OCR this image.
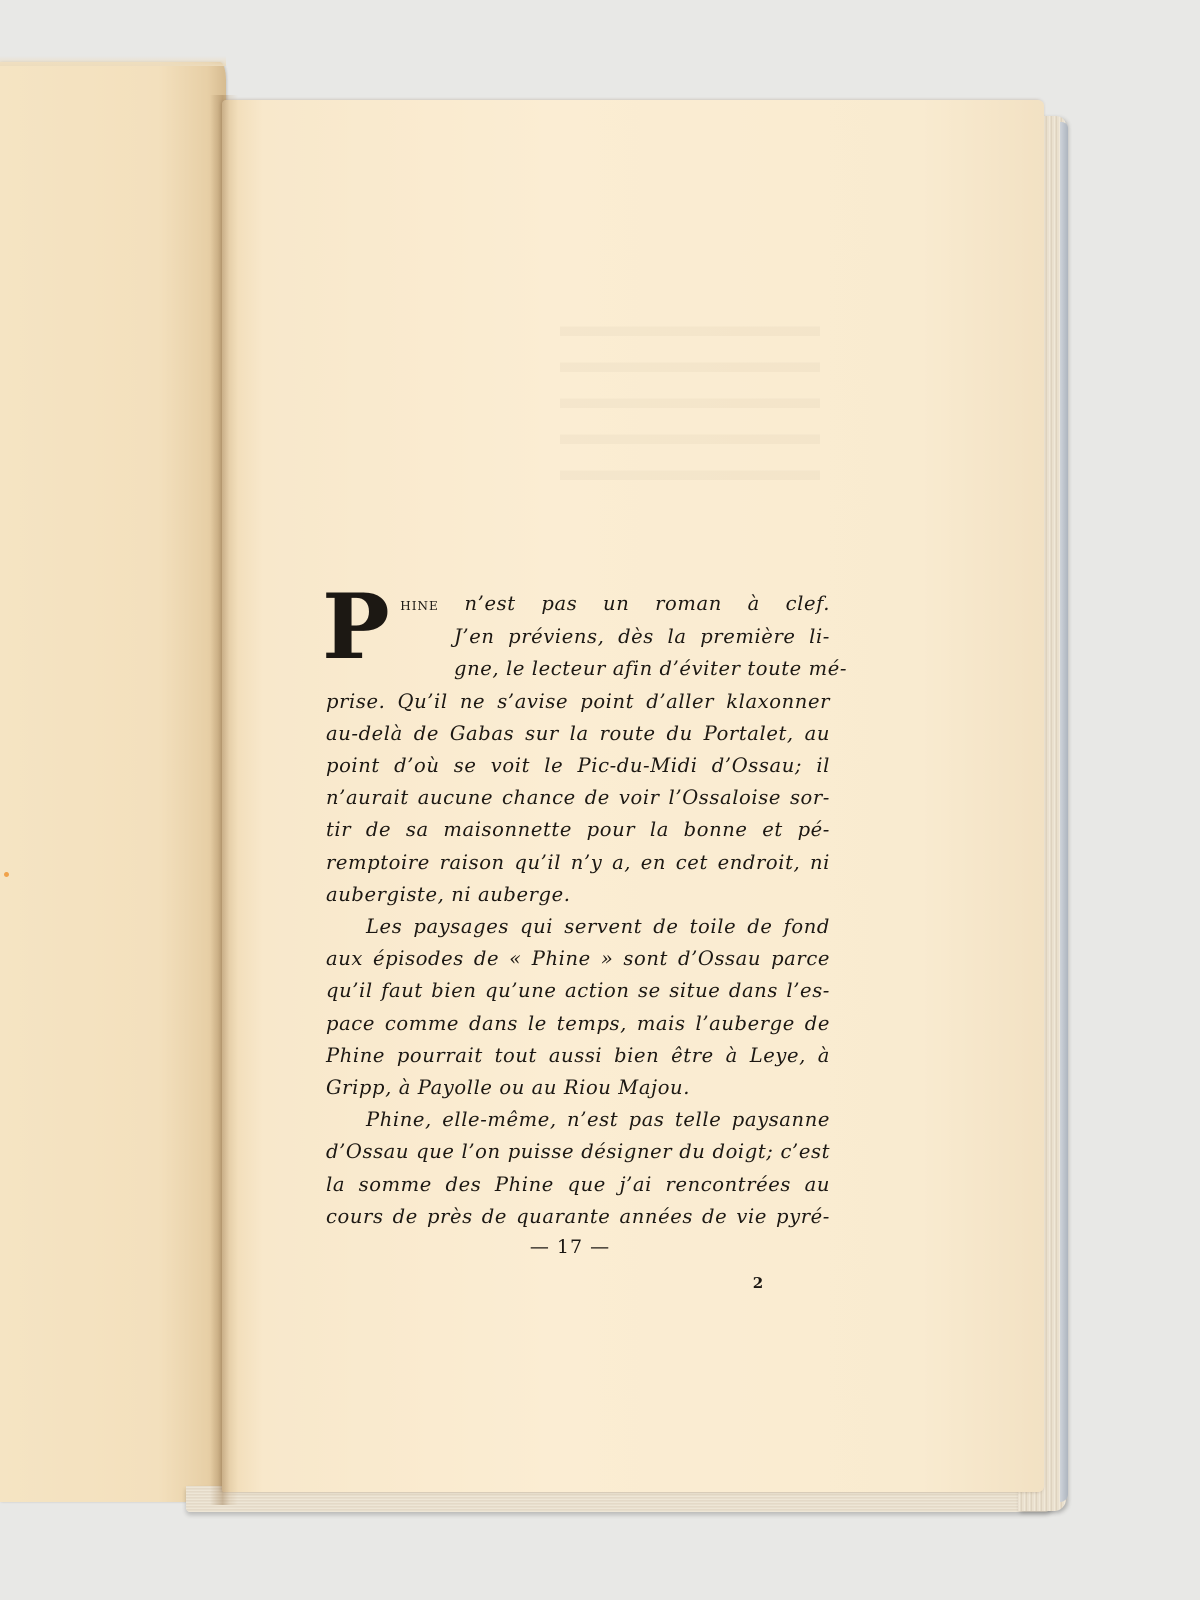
P hine n’est pas un roman à clef.
J’en préviens, dès la première li-
gne, le lecteur afin d’éviter toute mé-
prise. Qu’il ne s’avise point d’aller klaxonner
au-delà de Gabas sur la route du Portalet, au
point d’où se voit le Pic-du-Midi d’Ossau; il
n’aurait aucune chance de voir l’Ossaloise sor-
tir de sa maisonnette pour la bonne et pé-
remptoire raison qu’il n’y a, en cet endroit, ni
aubergiste, ni auberge.
Les paysages qui servent de toile de fond
aux épisodes de « Phine » sont d’Ossau parce
qu’il faut bien qu’une action se situe dans l’es-
pace comme dans le temps, mais l’auberge de
Phine pourrait tout aussi bien être à Leye, à
Gripp, à Payolle ou au Riou Majou.
Phine, elle-même, n’est pas telle paysanne
d’Ossau que l’on puisse désigner du doigt; c’est
la somme des Phine que j’ai rencontrées au
cours de près de quarante années de vie pyré-
— 17 —
2
